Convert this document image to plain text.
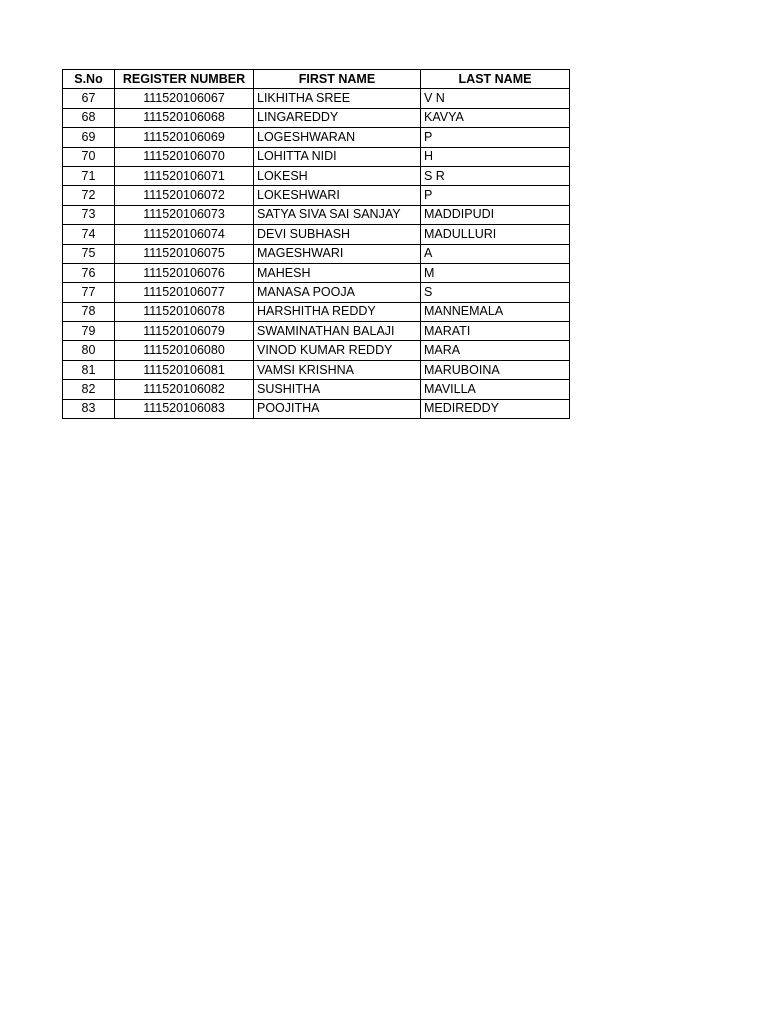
S.No	REGISTER NUMBER	FIRST NAME	LAST NAME
67	111520106067	LIKHITHA SREE	V N
68	111520106068	LINGAREDDY	KAVYA
69	111520106069	LOGESHWARAN	P
70	111520106070	LOHITTA NIDI	H
71	111520106071	LOKESH	S R
72	111520106072	LOKESHWARI	P
73	111520106073	SATYA SIVA SAI SANJAY	MADDIPUDI
74	111520106074	DEVI SUBHASH	MADULLURI
75	111520106075	MAGESHWARI	A
76	111520106076	MAHESH	M
77	111520106077	MANASA POOJA	S
78	111520106078	HARSHITHA REDDY	MANNEMALA
79	111520106079	SWAMINATHAN BALAJI	MARATI
80	111520106080	VINOD KUMAR REDDY	MARA
81	111520106081	VAMSI KRISHNA	MARUBOINA
82	111520106082	SUSHITHA	MAVILLA
83	111520106083	POOJITHA	MEDIREDDY
